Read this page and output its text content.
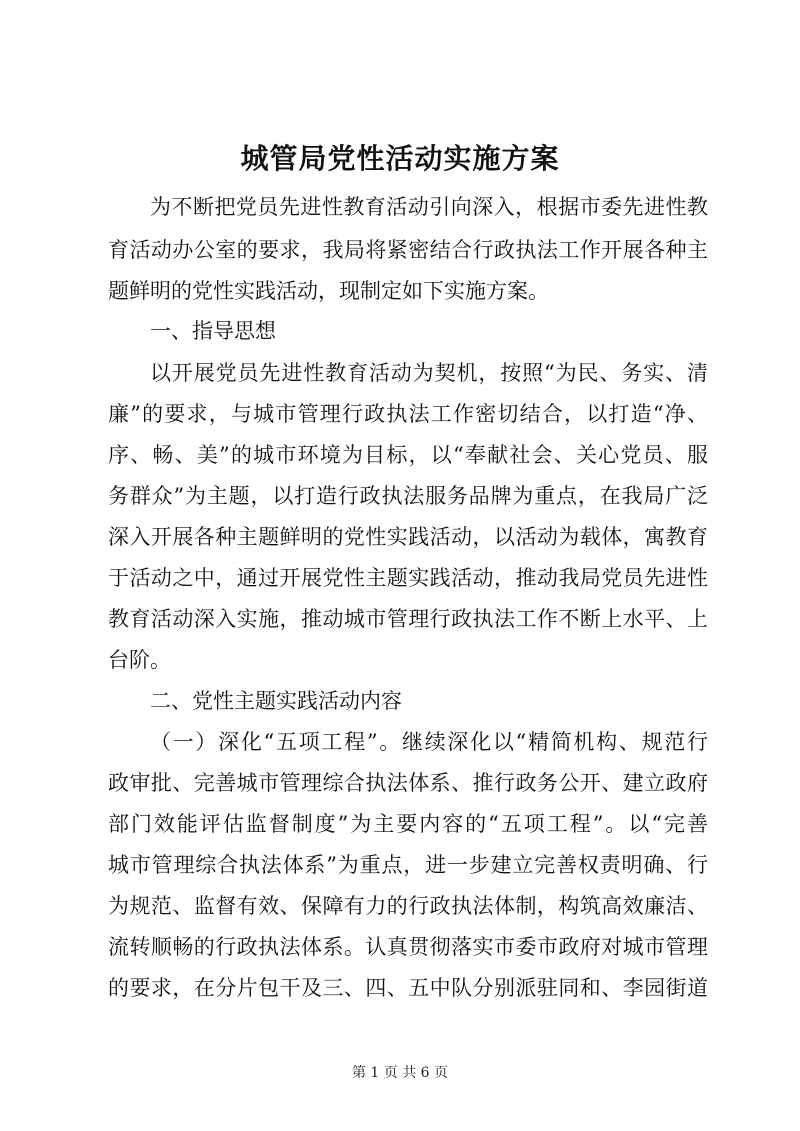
城管局党性活动实施方案
为不断把党员先进性教育活动引向深入，根据市委先进性教
育活动办公室的要求，我局将紧密结合行政执法工作开展各种主
题鲜明的党性实践活动，现制定如下实施方案。
一、指导思想
以开展党员先进性教育活动为契机，按照“为民、务实、清
廉”的要求，与城市管理行政执法工作密切结合，以打造“净、
序、畅、美”的城市环境为目标，以“奉献社会、关心党员、服
务群众”为主题，以打造行政执法服务品牌为重点，在我局广泛
深入开展各种主题鲜明的党性实践活动，以活动为载体，寓教育
于活动之中，通过开展党性主题实践活动，推动我局党员先进性
教育活动深入实施，推动城市管理行政执法工作不断上水平、上
台阶。
二、党性主题实践活动内容
（一）深化“五项工程”。继续深化以“精简机构、规范行
政审批、完善城市管理综合执法体系、推行政务公开、建立政府
部门效能评估监督制度”为主要内容的“五项工程”。以“完善
城市管理综合执法体系”为重点，进一步建立完善权责明确、行
为规范、监督有效、保障有力的行政执法体制，构筑高效廉洁、
流转顺畅的行政执法体系。认真贯彻落实市委市政府对城市管理
的要求，在分片包干及三、四、五中队分别派驻同和、李园街道
第 1 页 共 6 页
